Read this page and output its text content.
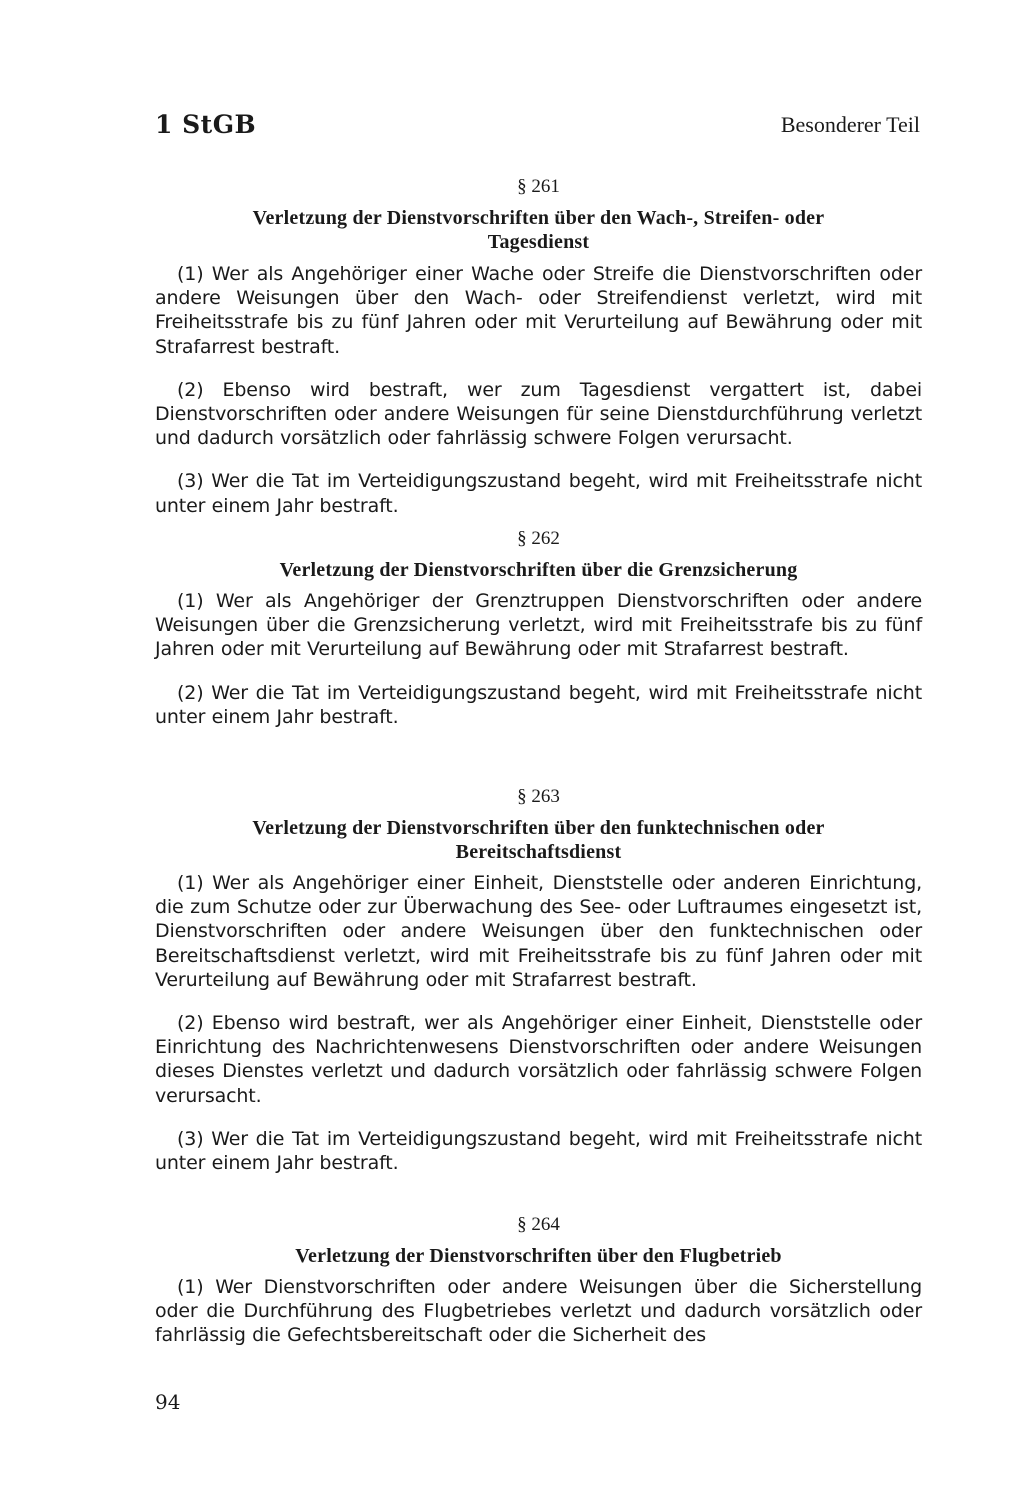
1 StGB	Besonderer Teil
§ 261
Verletzung der Dienstvorschriften über den Wach-, Streifen- oder
Tagesdienst

(1) Wer als Angehöriger einer Wache oder Streife die Dienstvorschriften oder andere Weisungen über den Wach- oder Streifendienst verletzt, wird mit Freiheitsstrafe bis zu fünf Jahren oder mit Verurteilung auf Bewährung oder mit Strafarrest bestraft.

(2) Ebenso wird bestraft, wer zum Tagesdienst vergattert ist, dabei Dienstvorschriften oder andere Weisungen für seine Dienstdurchführung verletzt und dadurch vorsätzlich oder fahrlässig schwere Folgen verursacht.

(3) Wer die Tat im Verteidigungszustand begeht, wird mit Freiheitsstrafe nicht unter einem Jahr bestraft.

§ 262
Verletzung der Dienstvorschriften über die Grenzsicherung

(1) Wer als Angehöriger der Grenztruppen Dienstvorschriften oder andere Weisungen über die Grenzsicherung verletzt, wird mit Freiheitsstrafe bis zu fünf Jahren oder mit Verurteilung auf Bewährung oder mit Strafarrest bestraft.

(2) Wer die Tat im Verteidigungszustand begeht, wird mit Freiheitsstrafe nicht unter einem Jahr bestraft.

§ 263
Verletzung der Dienstvorschriften über den funktechnischen oder
Bereitschaftsdienst

(1) Wer als Angehöriger einer Einheit, Dienststelle oder anderen Einrichtung, die zum Schutze oder zur Überwachung des See- oder Luftraumes eingesetzt ist, Dienstvorschriften oder andere Weisungen über den funktechnischen oder Bereitschaftsdienst verletzt, wird mit Freiheitsstrafe bis zu fünf Jahren oder mit Verurteilung auf Bewährung oder mit Strafarrest bestraft.

(2) Ebenso wird bestraft, wer als Angehöriger einer Einheit, Dienststelle oder Einrichtung des Nachrichtenwesens Dienstvorschriften oder andere Weisungen dieses Dienstes verletzt und dadurch vorsätzlich oder fahrlässig schwere Folgen verursacht.

(3) Wer die Tat im Verteidigungszustand begeht, wird mit Freiheitsstrafe nicht unter einem Jahr bestraft.

§ 264
Verletzung der Dienstvorschriften über den Flugbetrieb

(1) Wer Dienstvorschriften oder andere Weisungen über die Sicherstellung oder die Durchführung des Flugbetriebes verletzt und dadurch vorsätzlich oder fahrlässig die Gefechtsbereitschaft oder die Sicherheit des

94
